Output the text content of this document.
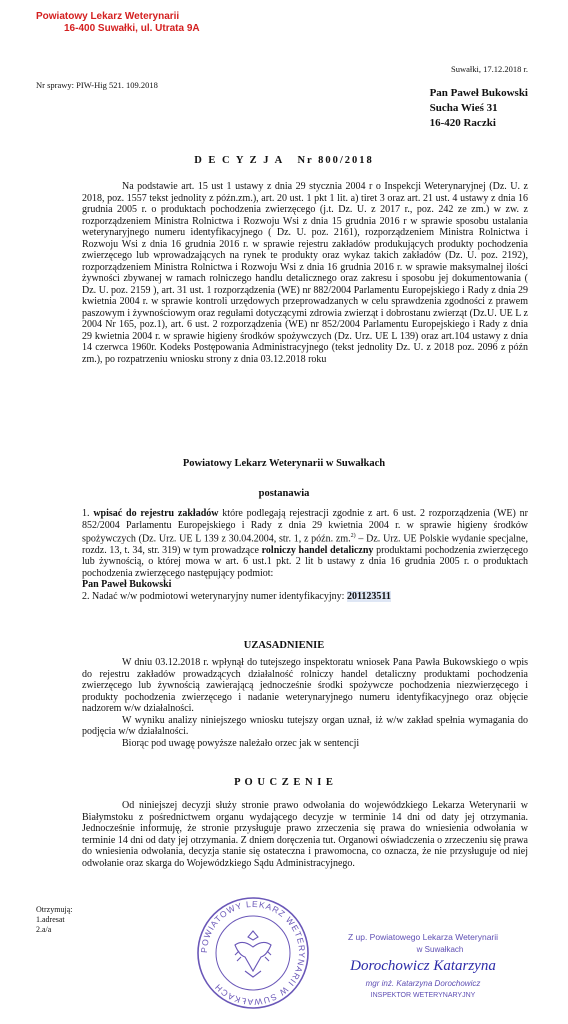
Powiatowy Lekarz Weterynarii
16-400 Suwałki, ul. Utrata 9A
Suwałki, 17.12.2018 r.
Nr sprawy: PIW-Hig 521. 109.2018
Pan Paweł Bukowski
Sucha Wieś 31
16-420 Raczki
D E C Y Z J A   Nr 800/2018
Na podstawie art. 15 ust 1 ustawy z dnia 29 stycznia 2004 r o Inspekcji Weterynaryjnej (Dz. U. z 2018, poz. 1557 tekst jednolity z późn.zm.), art. 20 ust. 1 pkt 1 lit. a) tiret 3 oraz art. 21 ust. 4 ustawy z dnia 16 grudnia 2005 r. o produktach pochodzenia zwierzęcego (j.t. Dz. U. z 2017 r., poz. 242 ze zm.) w zw. z rozporządzeniem Ministra Rolnictwa i Rozwoju Wsi z dnia 15 grudnia 2016 r w sprawie sposobu ustalania weterynaryjnego numeru identyfikacyjnego ( Dz. U. poz. 2161), rozporządzeniem Ministra Rolnictwa i Rozwoju Wsi z dnia 16 grudnia 2016 r. w sprawie rejestru zakładów produkujących produkty pochodzenia zwierzęcego lub wprowadzających na rynek te produkty oraz wykaz takich zakładów (Dz. U. poz. 2192), rozporządzeniem Ministra Rolnictwa i Rozwoju Wsi z dnia 16 grudnia 2016 r. w sprawie maksymalnej ilości żywności zbywanej w ramach rolniczego handlu detalicznego oraz zakresu i sposobu jej dokumentowania ( Dz. U. poz. 2159 ), art. 31 ust. 1 rozporządzenia (WE) nr 882/2004 Parlamentu Europejskiego i Rady z dnia 29 kwietnia 2004 r. w sprawie kontroli urzędowych przeprowadzanych w celu sprawdzenia zgodności z prawem paszowym i żywnościowym oraz regułami dotyczącymi zdrowia zwierząt i dobrostanu zwierząt (Dz.U. UE L z 2004 Nr 165, poz.1), art. 6 ust. 2 rozporządzenia (WE) nr 852/2004 Parlamentu Europejskiego i Rady z dnia 29 kwietnia 2004 r. w sprawie higieny środków spożywczych (Dz. Urz. UE L 139) oraz art.104 ustawy z dnia 14 czerwca 1960r. Kodeks Postępowania Administracyjnego (tekst jednolity Dz. U. z 2018 poz. 2096 z późn zm.), po rozpatrzeniu wniosku strony z dnia 03.12.2018 roku
Powiatowy Lekarz Weterynarii w Suwałkach
postanawia
1. wpisać do rejestru zakładów które podlegają rejestracji zgodnie z art. 6 ust. 2 rozporządzenia (WE) nr 852/2004 Parlamentu Europejskiego i Rady z dnia 29 kwietnia 2004 r. w sprawie higieny środków spożywczych (Dz. Urz. UE L 139 z 30.04.2004, str. 1, z późn. zm.$^{2)}$ – Dz. Urz. UE Polskie wydanie specjalne, rozdz. 13, t. 34, str. 319) w tym prowadzące rolniczy handel detaliczny produktami pochodzenia zwierzęcego lub żywnością, o której mowa w art. 6 ust.1 pkt. 2 lit b ustawy z dnia 16 grudnia 2005 r. o produktach pochodzenia zwierzęcego następujący podmiot:
Pan Paweł Bukowski
2. Nadać w/w podmiotowi weterynaryjny numer identyfikacyjny: 201123511
UZASADNIENIE
W dniu 03.12.2018 r. wpłynął do tutejszego inspektoratu wniosek Pana Pawła Bukowskiego o wpis do rejestru zakładów prowadzących działalność rolniczy handel detaliczny produktami pochodzenia zwierzęcego lub żywnością zawierającą jednocześnie środki spożywcze pochodzenia niezwierzęcego i produkty pochodzenia zwierzęcego i nadanie weterynaryjnego numeru identyfikacyjnego oraz objęcie nadzorem w/w działalności.
W wyniku analizy niniejszego wniosku tutejszy organ uznał, iż w/w zakład spełnia wymagania do podjęcia w/w działalności.
Biorąc pod uwagę powyższe należało orzec jak w sentencji
P O U C Z E N I E
Od niniejszej decyzji służy stronie prawo odwołania do wojewódzkiego Lekarza Weterynarii w Białymstoku z pośrednictwem organu wydającego decyzje w terminie 14 dni od daty jej otrzymania. Jednocześnie informuję, że stronie przysługuje prawo zrzeczenia się prawa do wniesienia odwołania w terminie 14 dni od daty jej otrzymania. Z dniem doręczenia tut. Organowi oświadczenia o zrzeczeniu się prawa do wniesienia odwołania, decyzja stanie się ostateczna i prawomocna, co oznacza, że nie przysługuje od niej odwołanie oraz skarga do Wojewódzkiego Sądu Administracyjnego.
Otrzymują:
1.adresat
2.a/a
POWIATOWY LEKARZ WETERYNARII W SUWAŁKACH
Z up. Powiatowego Lekarza Weterynarii
w Suwałkach
Dorochowicz Katarzyna
mgr inż. Katarzyna Dorochowicz
INSPEKTOR WETERYNARYJNY
